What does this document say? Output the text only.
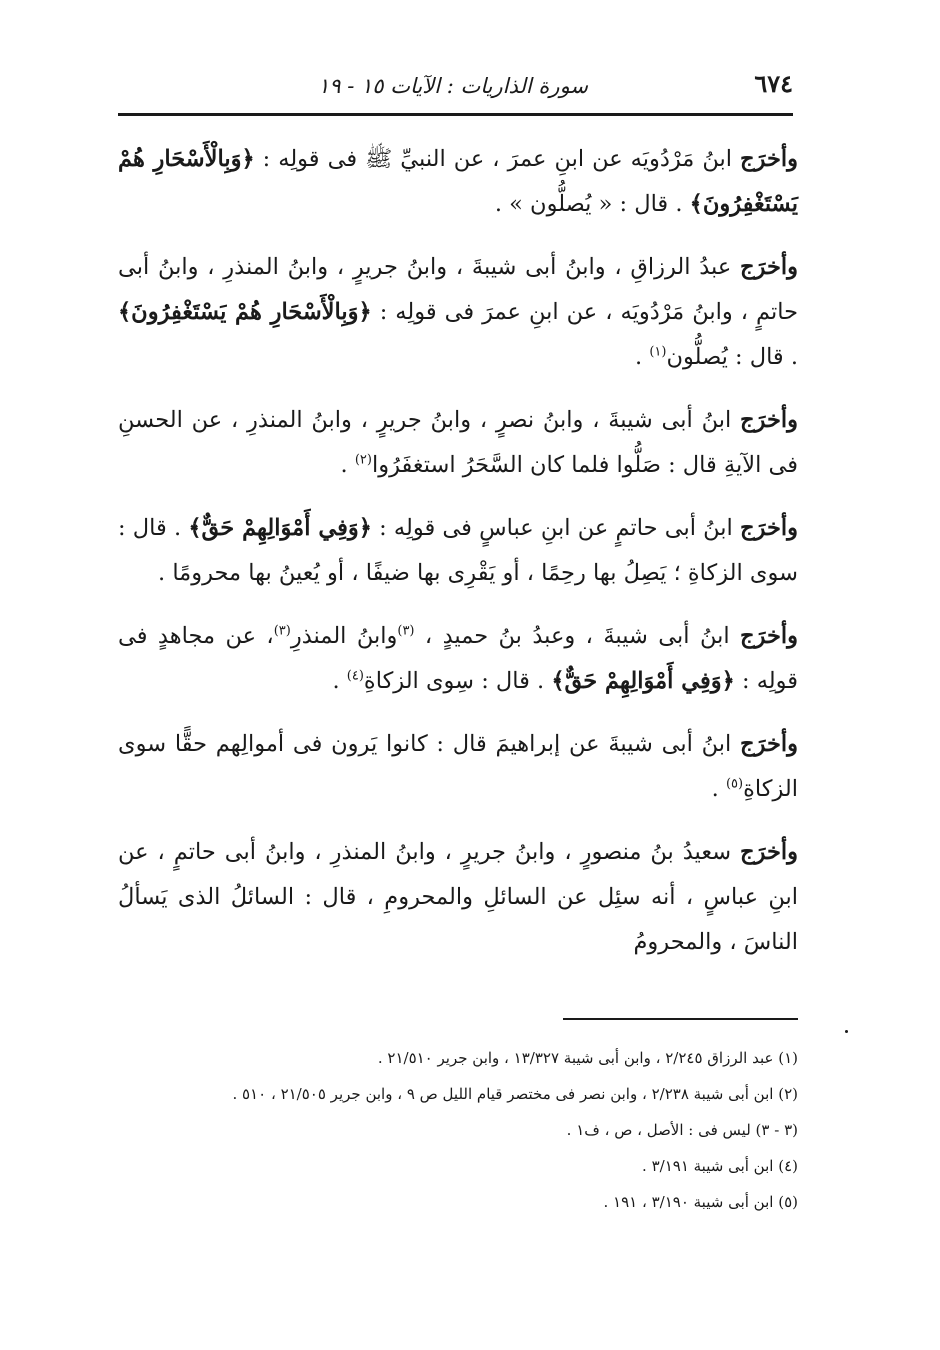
٦٧٤
سورة الذاريات : الآيات ١٥ - ١٩

وأخرَج ابنُ مَرْدُويَه عن ابنِ عمرَ ، عن النبيِّ ﷺ فى قولِه : ﴿وَبِالْأَسْحَارِ هُمْ يَسْتَغْفِرُونَ﴾ . قال : « يُصلُّون » .

وأخرَج عبدُ الرزاقِ ، وابنُ أبى شيبةَ ، وابنُ جريرٍ ، وابنُ المنذرِ ، وابنُ أبى حاتمٍ ، وابنُ مَرْدُويَه ، عن ابنِ عمرَ فى قولِه : ﴿وَبِالْأَسْحَارِ هُمْ يَسْتَغْفِرُونَ﴾ . قال : يُصلُّون$^{(١)}$ .

وأخرَج ابنُ أبى شيبةَ ، وابنُ نصرٍ ، وابنُ جريرٍ ، وابنُ المنذرِ ، عن الحسنِ فى الآيةِ قال : صَلُّوا فلما كان السَّحَرُ استغفَرُوا$^{(٢)}$ .

وأخرَج ابنُ أبى حاتمٍ عن ابنِ عباسٍ فى قولِه : ﴿وَفِي أَمْوَالِهِمْ حَقٌّ﴾ . قال : سوى الزكاةِ ؛ يَصِلُ بها رحِمًا ، أو يَقْرِى بها ضيفًا ، أو يُعينُ بها محرومًا .

وأخرَج ابنُ أبى شيبةَ ، وعبدُ بنُ حميدٍ ، $^{(٣)}$وابنُ المنذرِ$^{(٣)}$، عن مجاهدٍ فى قولِه : ﴿وَفِي أَمْوَالِهِمْ حَقٌّ﴾ . قال : سِوى الزكاةِ$^{(٤)}$ .

وأخرَج ابنُ أبى شيبةَ عن إبراهيمَ قال : كانوا يَرون فى أموالِهم حقًّا سوى الزكاةِ$^{(٥)}$ .

وأخرَج سعيدُ بنُ منصورٍ ، وابنُ جريرٍ ، وابنُ المنذرِ ، وابنُ أبى حاتمٍ ، عن ابنِ عباسٍ ، أنه سئِل عن السائلِ والمحرومِ ، قال : السائلُ الذى يَسألُ الناسَ ، والمحرومُ

(١) عبد الرزاق ٢/٢٤٥ ، وابن أبى شيبة ١٣/٣٢٧ ، وابن جرير ٢١/٥١٠ .

(٢) ابن أبى شيبة ٢/٢٣٨ ، وابن نصر فى مختصر قيام الليل ص ٩ ، وابن جرير ٢١/٥٠٥ ، ٥١٠ .

(٣ - ٣) ليس فى : الأصل ، ص ، ف١ .

(٤) ابن أبى شيبة ٣/١٩١ .

(٥) ابن أبى شيبة ٣/١٩٠ ، ١٩١ .
